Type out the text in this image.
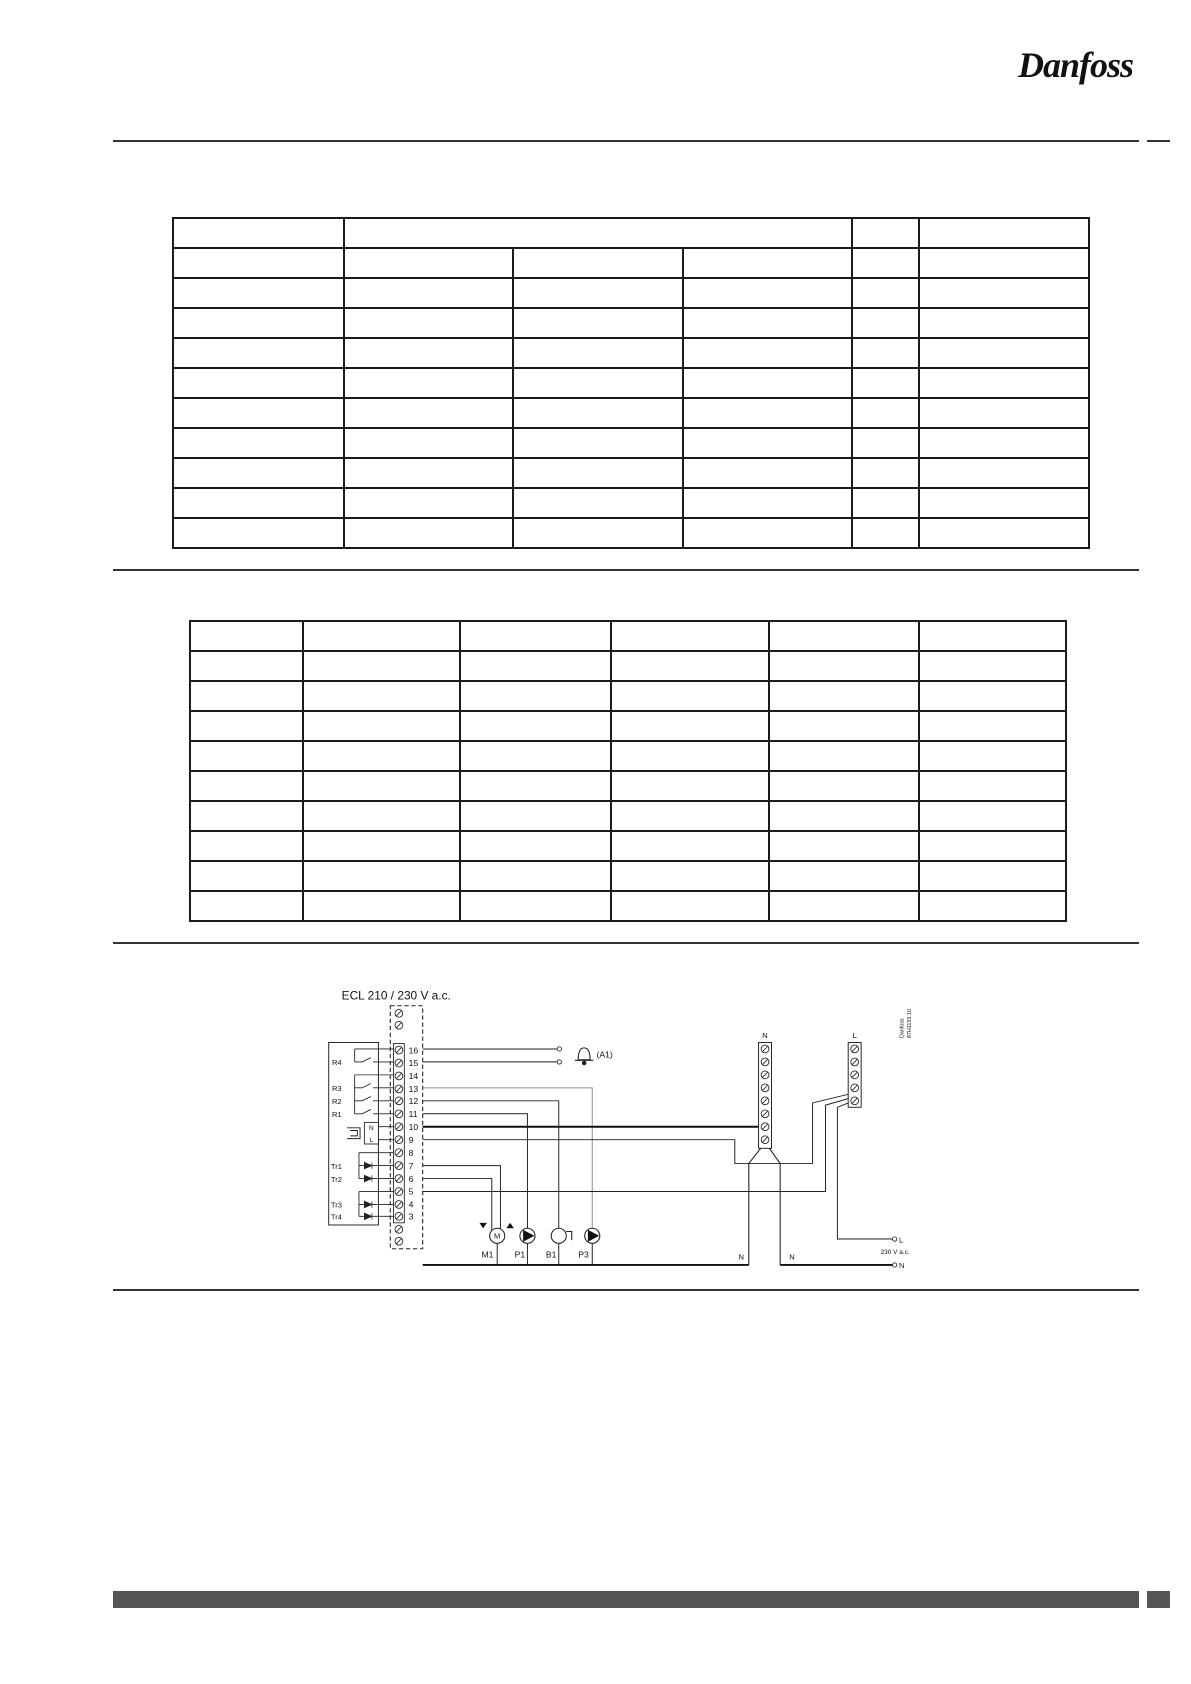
Danfoss

ECL 210 / 230 V a.c.
16
15
14
13
12
11
10
9
8
7
6
5
4
3
R4
R3
R2
R1
N
L
Tr1
Tr2
Tr3
Tr4
(A1)
N	L	Danfoss 87H1155.10
M
M1	P1	B1	P3	N	N
N
L
230 V a.c.
